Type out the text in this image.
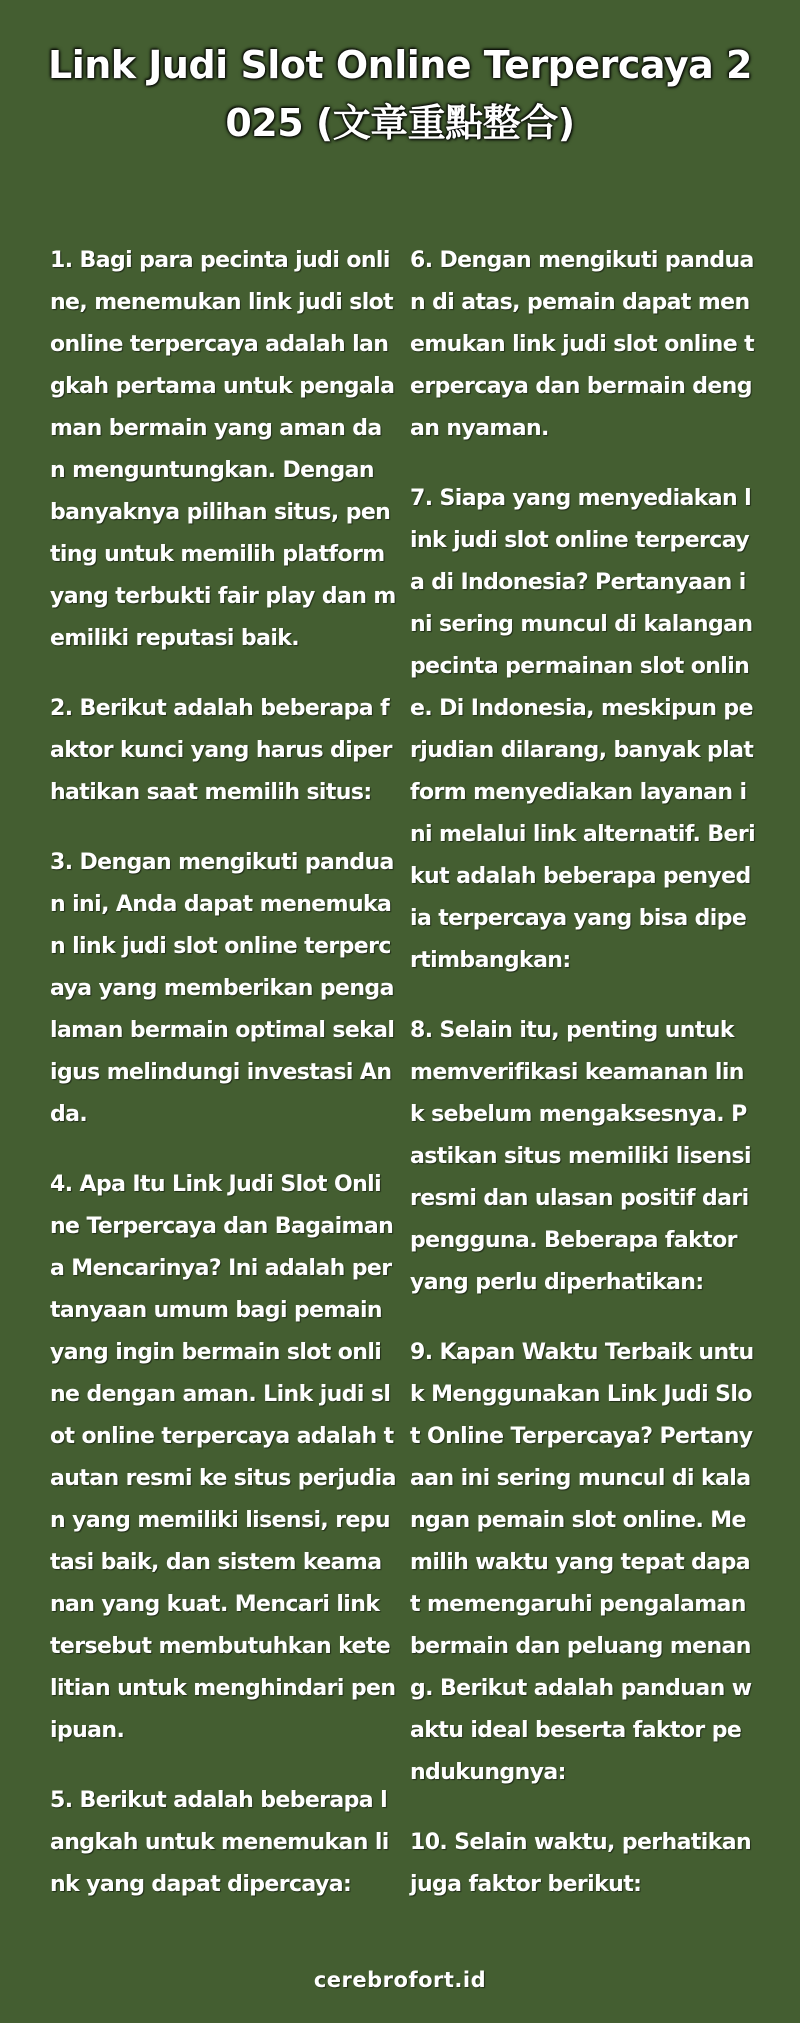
Link Judi Slot Online Terpercaya 2025 (文章重點整合)

1. Bagi para pecinta judi online, menemukan link judi slot online terpercaya adalah langkah pertama untuk pengalaman bermain yang aman dan menguntungkan. Dengan banyaknya pilihan situs, penting untuk memilih platform yang terbukti fair play dan memiliki reputasi baik.

2. Berikut adalah beberapa faktor kunci yang harus diperhatikan saat memilih situs:

3. Dengan mengikuti panduan ini, Anda dapat menemukan link judi slot online terpercaya yang memberikan pengalaman bermain optimal sekaligus melindungi investasi Anda.

4. Apa Itu Link Judi Slot Online Terpercaya dan Bagaimana Mencarinya? Ini adalah pertanyaan umum bagi pemain yang ingin bermain slot online dengan aman. Link judi slot online terpercaya adalah tautan resmi ke situs perjudian yang memiliki lisensi, reputasi baik, dan sistem keamanan yang kuat. Mencari link tersebut membutuhkan ketelitian untuk menghindari penipuan.

5. Berikut adalah beberapa langkah untuk menemukan link yang dapat dipercaya:

6. Dengan mengikuti panduan di atas, pemain dapat menemukan link judi slot online terpercaya dan bermain dengan nyaman.

7. Siapa yang menyediakan link judi slot online terpercaya di Indonesia? Pertanyaan ini sering muncul di kalangan pecinta permainan slot online. Di Indonesia, meskipun perjudian dilarang, banyak platform menyediakan layanan ini melalui link alternatif. Berikut adalah beberapa penyedia terpercaya yang bisa dipertimbangkan:

8. Selain itu, penting untuk memverifikasi keamanan link sebelum mengaksesnya. Pastikan situs memiliki lisensi resmi dan ulasan positif dari pengguna. Beberapa faktor yang perlu diperhatikan:

9. Kapan Waktu Terbaik untuk Menggunakan Link Judi Slot Online Terpercaya? Pertanyaan ini sering muncul di kalangan pemain slot online. Memilih waktu yang tepat dapat memengaruhi pengalaman bermain dan peluang menang. Berikut adalah panduan waktu ideal beserta faktor pendukungnya:

10. Selain waktu, perhatikan juga faktor berikut:

cerebrofort.id
